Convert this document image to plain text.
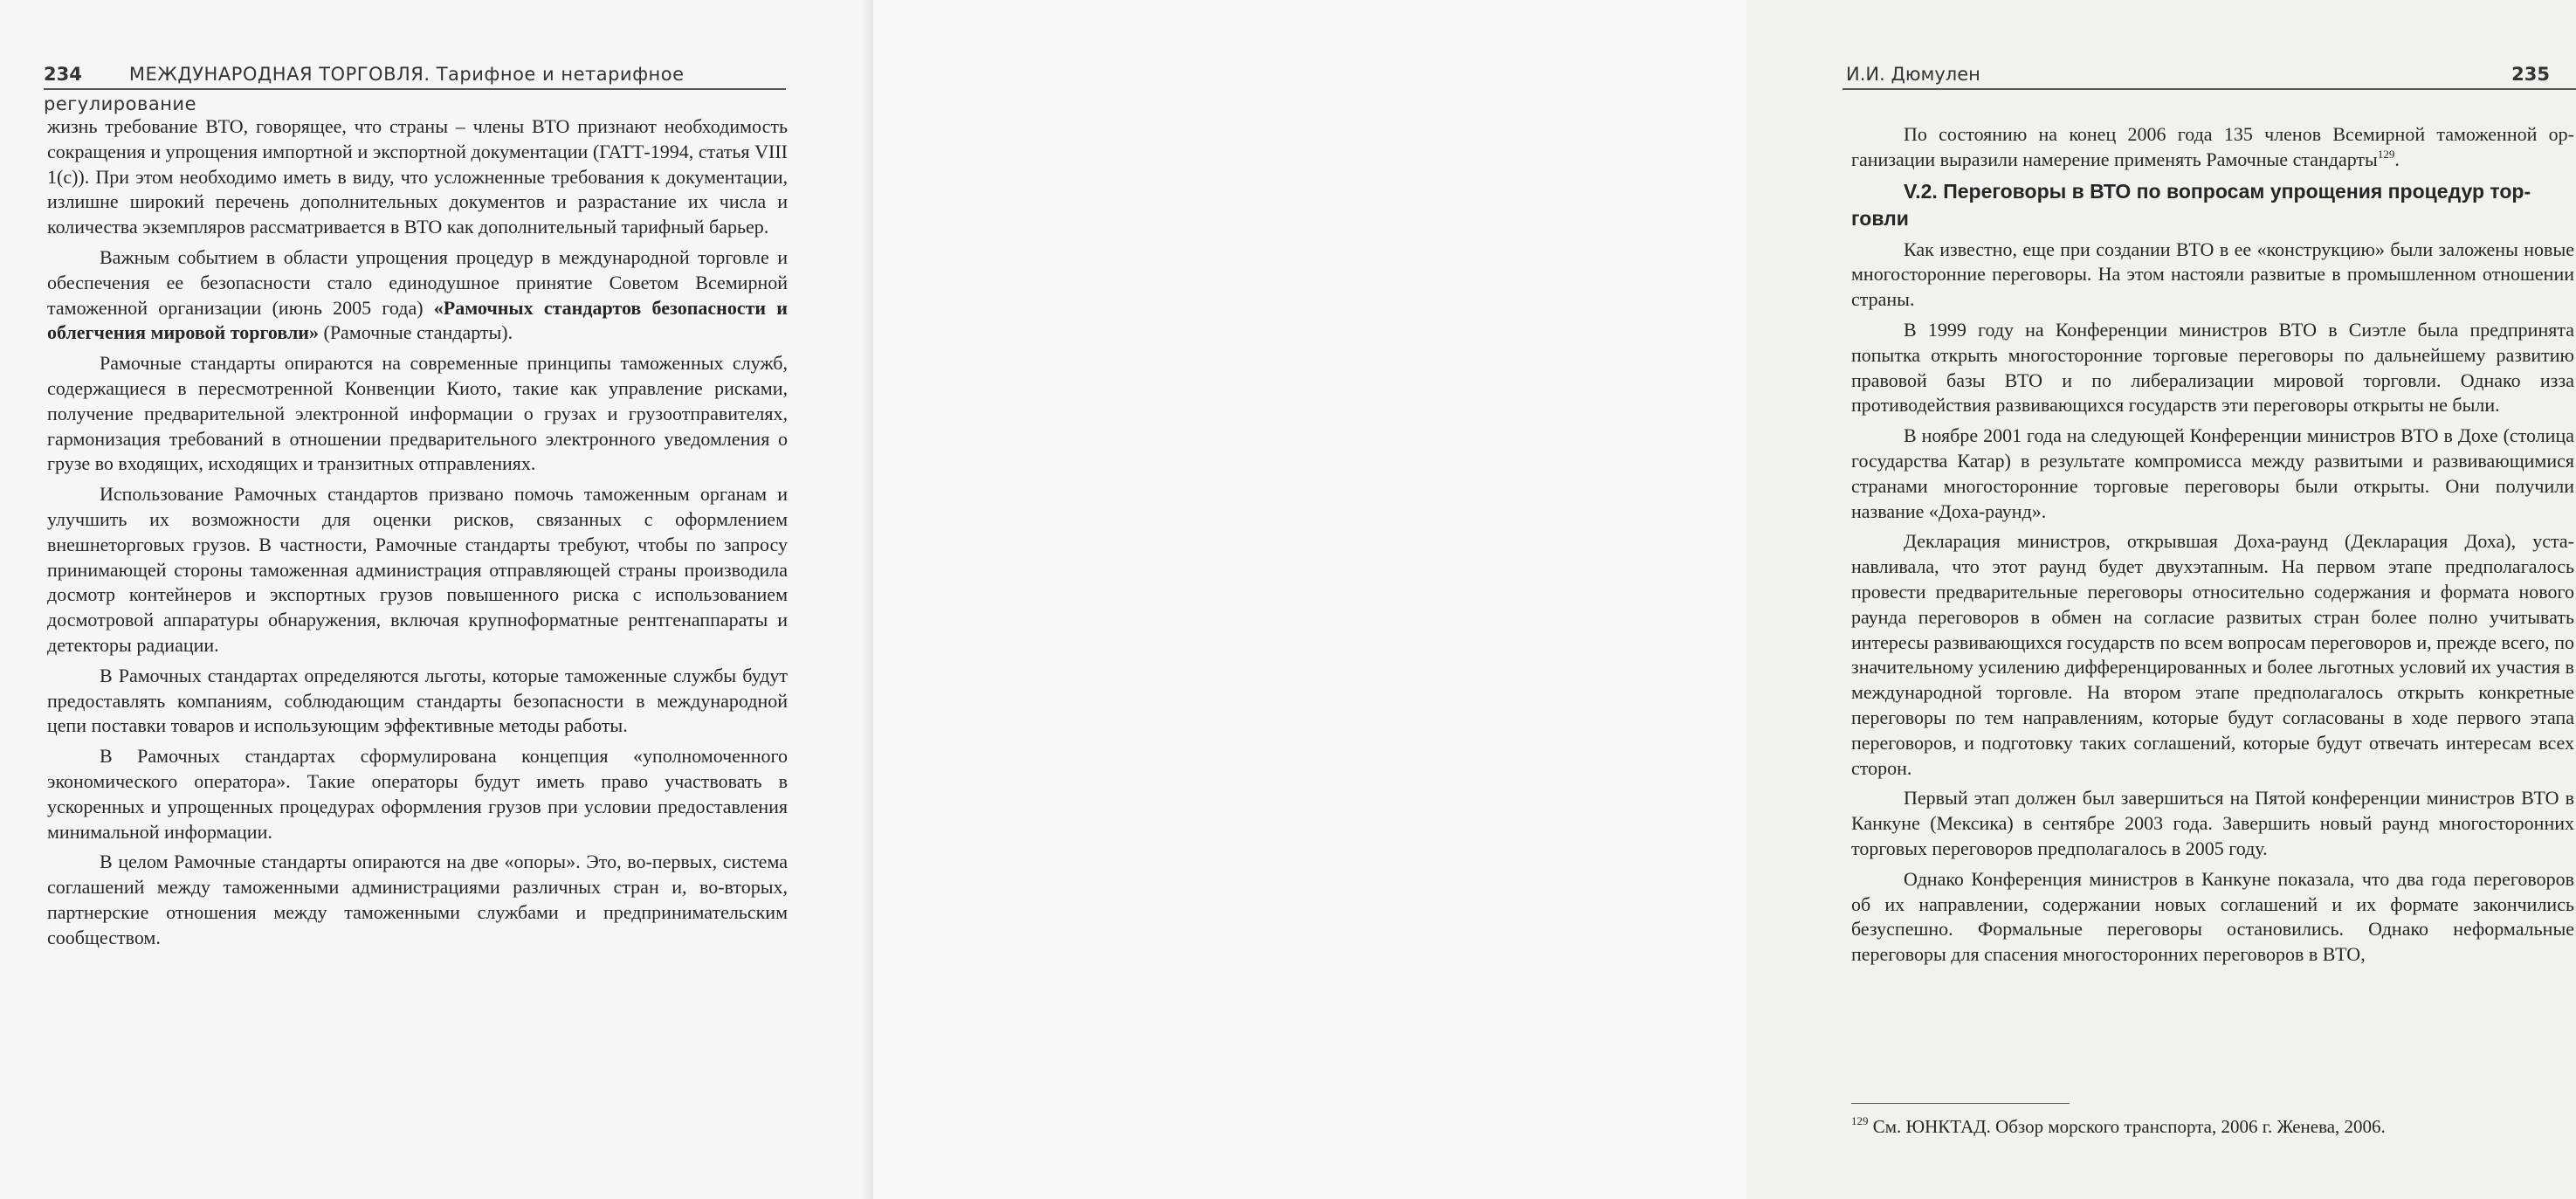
234	МЕЖДУНАРОДНАЯ ТОРГОВЛЯ. Тарифное и нетарифное регулирование

жизнь требование ВТО, говорящее, что страны – члены ВТО признают необходимость сокращения и упрощения импортной и экспортной документации (ГАТТ-1994, статья VIII 1(с)). При этом необходимо иметь в виду, что усложненные требования к документации, излишне широкий перечень дополнительных документов и разрастание их числа и количества экземпляров рассматривается в ВТО как дополнительный тарифный барьер.

Важным событием в области упрощения процедур в международной торговле и обеспечения ее безопасности стало единодушное принятие Советом Всемирной таможенной организации (июнь 2005 года) «Рамочных стандартов безопасности и облегчения мировой торговли» (Рамочные стандарты).

Рамочные стандарты опираются на современные принципы таможенных служб, содержащиеся в пересмотренной Конвенции Киото, такие как управление рисками, получение предварительной электронной информации о грузах и грузоотправителях, гармонизация требований в отношении предварительного электронного уведомления о грузе во входящих, исходящих и транзитных отправлениях.

Использование Рамочных стандартов призвано помочь таможенным органам и улучшить их возможности для оценки рисков, связанных с оформлением внешнеторговых грузов. В частности, Рамочные стандарты требуют, чтобы по запросу принимающей стороны таможенная администрация отправляющей страны производила досмотр контейнеров и экспортных грузов повышенного риска с использованием досмотровой аппаратуры обнаружения, включая крупноформатные рентгенаппараты и детекторы радиации.

В Рамочных стандартах определяются льготы, которые таможенные службы будут предоставлять компаниям, соблюдающим стандарты безопасности в международной цепи поставки товаров и использующим эффективные методы работы.

В Рамочных стандартах сформулирована концепция «уполномоченного экономического оператора». Такие операторы будут иметь право участвовать в ускоренных и упрощенных процедурах оформления грузов при условии предоставления минимальной информации.

В целом Рамочные стандарты опираются на две «опоры». Это, во-первых, система соглашений между таможенными администрациями различных стран и, во-вторых, партнерские отношения между таможенными службами и предпринимательским сообществом.

И.И. Дюмулен	235

По состоянию на конец 2006 года 135 членов Всемирной таможенной организации выразили намерение применять Рамочные стандарты$^{129}$.

V.2. Переговоры в ВТО по вопросам упрощения процедур торговли

Как известно, еще при создании ВТО в ее «конструкцию» были заложены новые многосторонние переговоры. На этом настояли развитые в промышленном отношении страны.

В 1999 году на Конференции министров ВТО в Сиэтле была предпринята попытка открыть многосторонние торговые переговоры по дальнейшему развитию правовой базы ВТО и по либерализации мировой торговли. Однако изза противодействия развивающихся государств эти переговоры открыты не были.

В ноябре 2001 года на следующей Конференции министров ВТО в Дохе (столица государства Катар) в результате компромисса между развитыми и развивающимися странами многосторонние торговые переговоры были открыты. Они получили название «Доха-раунд».

Декларация министров, открывшая Доха-раунд (Декларация Доха), устанавливала, что этот раунд будет двухэтапным. На первом этапе предполагалось провести предварительные переговоры относительно содержания и формата нового раунда переговоров в обмен на согласие развитых стран более полно учитывать интересы развивающихся государств по всем вопросам переговоров и, прежде всего, по значительному усилению дифференцированных и более льготных условий их участия в международной торговле. На втором этапе предполагалось открыть конкретные переговоры по тем направлениям, которые будут согласованы в ходе первого этапа переговоров, и подготовку таких соглашений, которые будут отвечать интересам всех сторон.

Первый этап должен был завершиться на Пятой конференции министров ВТО в Канкуне (Мексика) в сентябре 2003 года. Завершить новый раунд многосторонних торговых переговоров предполагалось в 2005 году.

Однако Конференция министров в Канкуне показала, что два года переговоров об их направлении, содержании новых соглашений и их формате закончились безуспешно. Формальные переговоры остановились. Однако неформальные переговоры для спасения многосторонних переговоров в ВТО,

$^{129}$ См. ЮНКТАД. Обзор морского транспорта, 2006 г. Женева, 2006.
